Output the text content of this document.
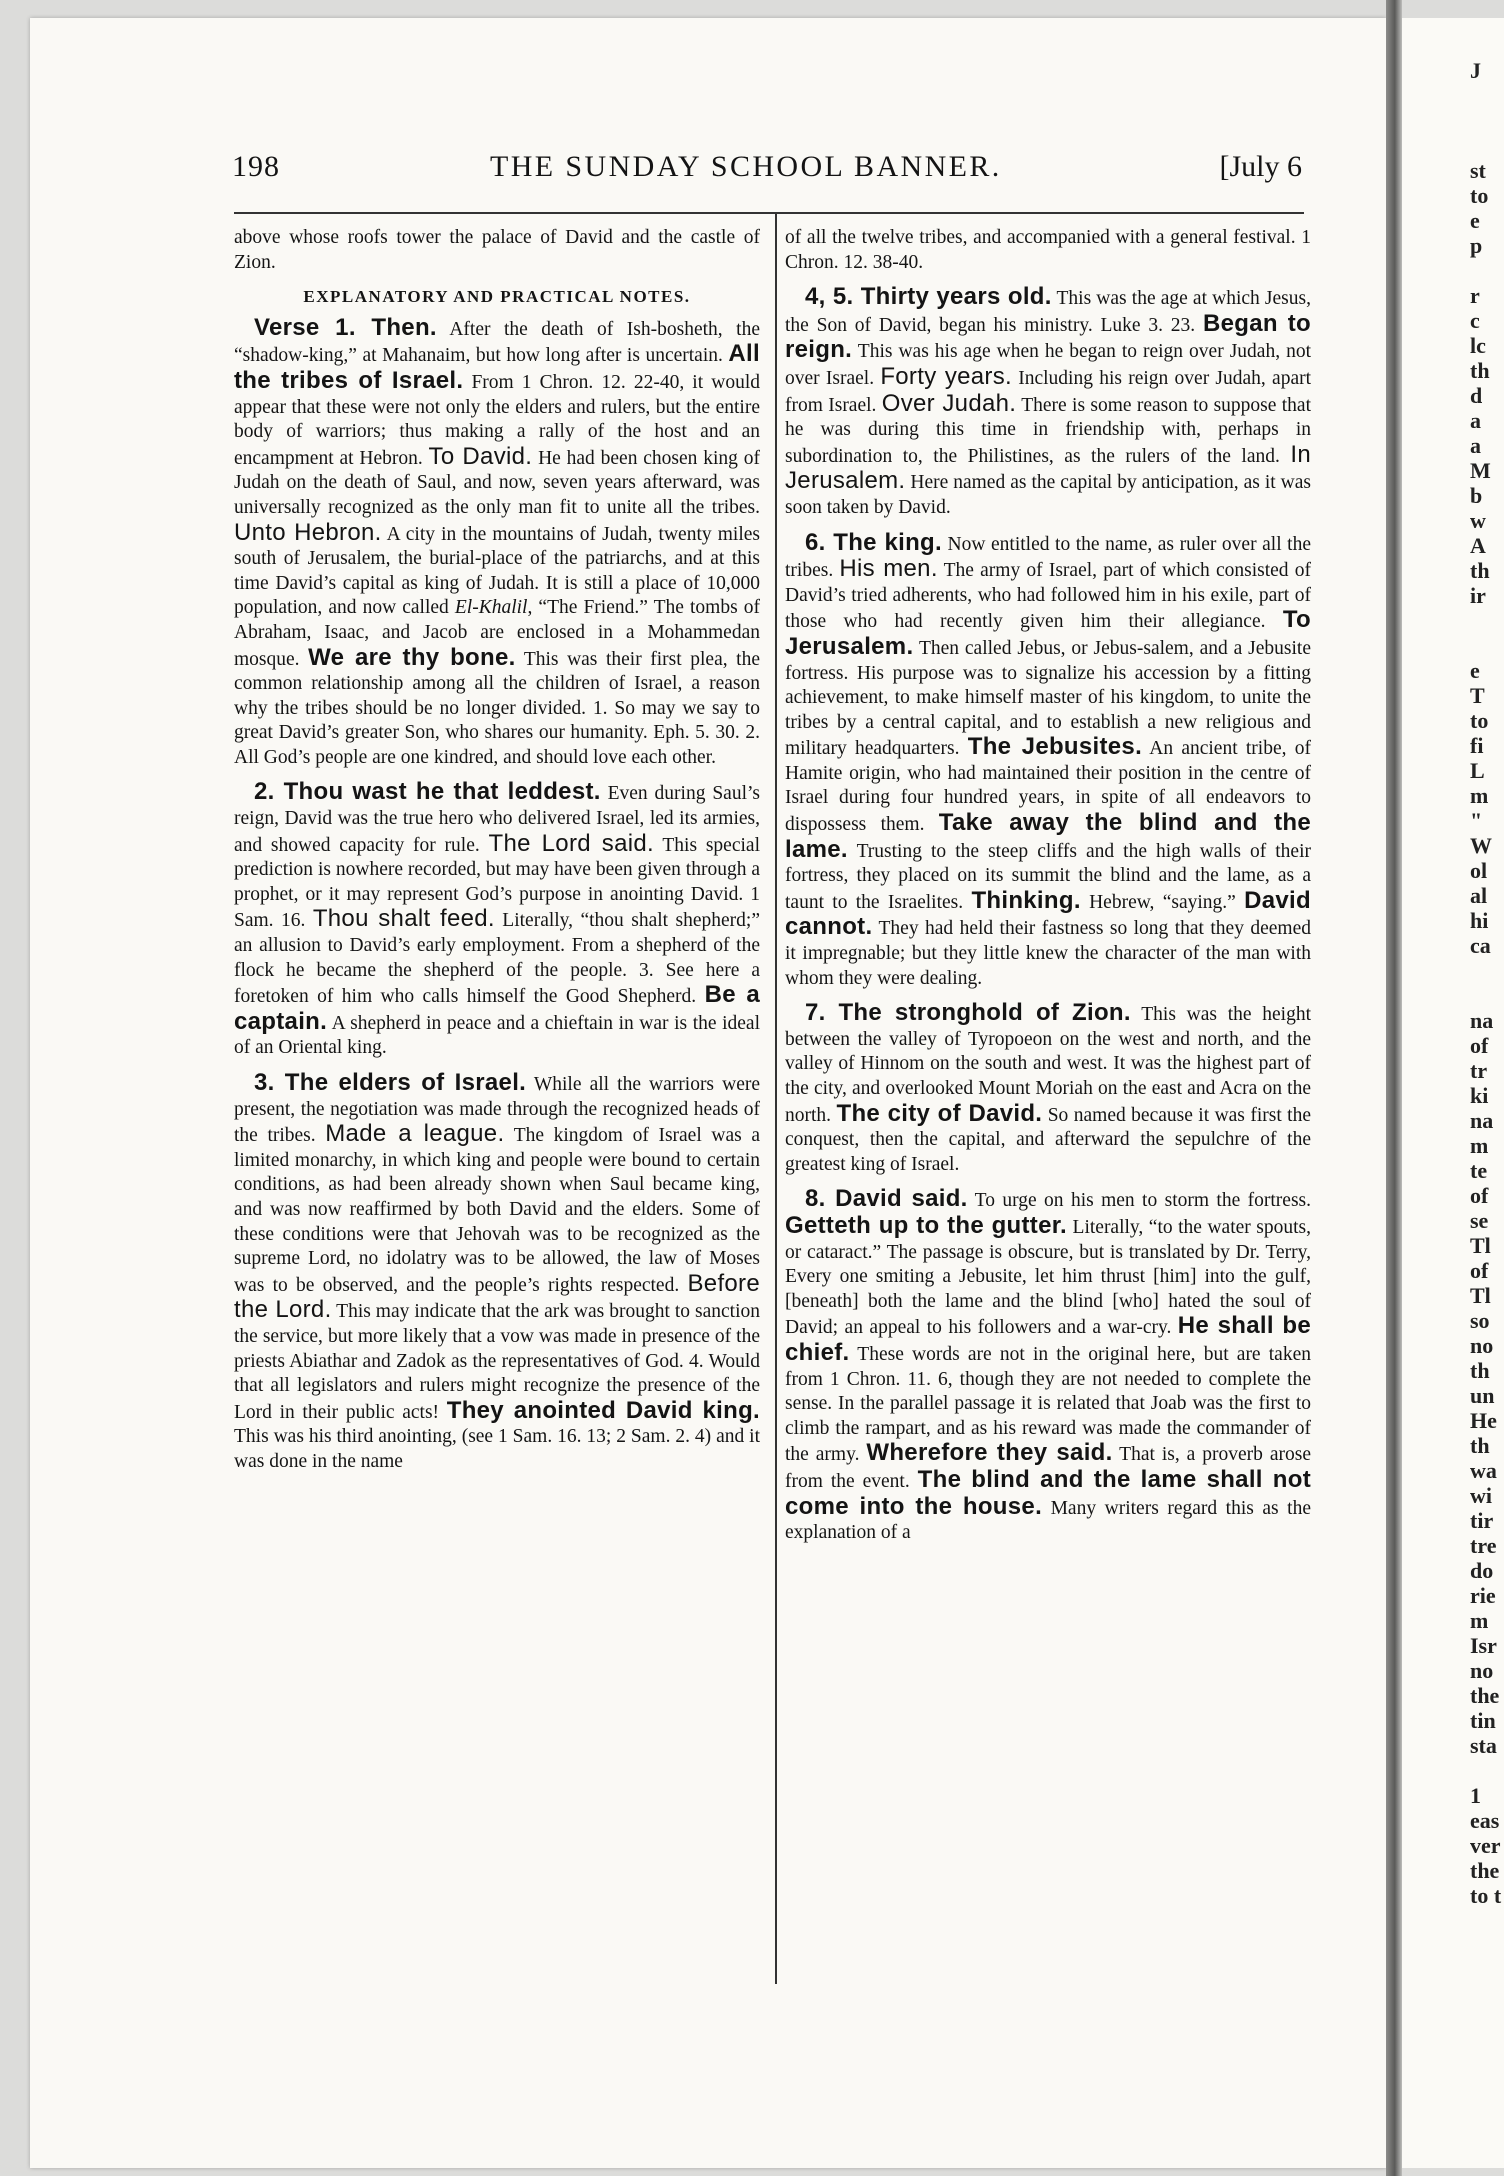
J

st
to
e
p

r
c
lc
th
d
a
a
M
b
w
A
th
ir

e
T
to
fi
L
m
"
W
ol
al
hi
ca

na
of
tr
ki
na
m
te
of
se
Tl
of
Tl
so
no
th
un
He
th
wa
wi
tir
tre
do
rie
m
Isr
no
the
tin
sta

1
eas
ver
the
to t
198	THE SUNDAY SCHOOL BANNER.	[July 6

above whose roofs tower the palace of David and the castle of Zion.

EXPLANATORY AND PRACTICAL NOTES.

Verse 1. Then. After the death of Ish-bosheth, the “shadow-king,” at Mahanaim, but how long after is uncertain. All the tribes of Israel. From 1 Chron. 12. 22-40, it would appear that these were not only the elders and rulers, but the entire body of warriors; thus making a rally of the host and an encampment at Hebron. To David. He had been chosen king of Judah on the death of Saul, and now, seven years afterward, was universally recognized as the only man fit to unite all the tribes. Unto Hebron. A city in the mountains of Judah, twenty miles south of Jerusalem, the burial-place of the patriarchs, and at this time David’s capital as king of Judah. It is still a place of 10,000 population, and now called El-Khalil, “The Friend.” The tombs of Abraham, Isaac, and Jacob are enclosed in a Mohammedan mosque. We are thy bone. This was their first plea, the common relationship among all the children of Israel, a reason why the tribes should be no longer divided. 1. So may we say to great David’s greater Son, who shares our humanity. Eph. 5. 30. 2. All God’s people are one kindred, and should love each other.

2. Thou wast he that leddest. Even during Saul’s reign, David was the true hero who delivered Israel, led its armies, and showed capacity for rule. The Lord said. This special prediction is nowhere recorded, but may have been given through a prophet, or it may represent God’s purpose in anointing David. 1 Sam. 16. Thou shalt feed. Literally, “thou shalt shepherd;” an allusion to David’s early employment. From a shepherd of the flock he became the shepherd of the people. 3. See here a foretoken of him who calls himself the Good Shepherd. Be a captain. A shepherd in peace and a chieftain in war is the ideal of an Oriental king.

3. The elders of Israel. While all the warriors were present, the negotiation was made through the recognized heads of the tribes. Made a league. The kingdom of Israel was a limited monarchy, in which king and people were bound to certain conditions, as had been already shown when Saul became king, and was now reaffirmed by both David and the elders. Some of these conditions were that Jehovah was to be recognized as the supreme Lord, no idolatry was to be allowed, the law of Moses was to be observed, and the people’s rights respected. Before the Lord. This may indicate that the ark was brought to sanction the service, but more likely that a vow was made in presence of the priests Abiathar and Zadok as the representatives of God. 4. Would that all legislators and rulers might recognize the presence of the Lord in their public acts! They anointed David king. This was his third anointing, (see 1 Sam. 16. 13; 2 Sam. 2. 4) and it was done in the name

of all the twelve tribes, and accompanied with a general festival. 1 Chron. 12. 38-40.

4, 5. Thirty years old. This was the age at which Jesus, the Son of David, began his ministry. Luke 3. 23. Began to reign. This was his age when he began to reign over Judah, not over Israel. Forty years. Including his reign over Judah, apart from Israel. Over Judah. There is some reason to suppose that he was during this time in friendship with, perhaps in subordination to, the Philistines, as the rulers of the land. In Jerusalem. Here named as the capital by anticipation, as it was soon taken by David.

6. The king. Now entitled to the name, as ruler over all the tribes. His men. The army of Israel, part of which consisted of David’s tried adherents, who had followed him in his exile, part of those who had recently given him their allegiance. To Jerusalem. Then called Jebus, or Jebus-salem, and a Jebusite fortress. His purpose was to signalize his accession by a fitting achievement, to make himself master of his kingdom, to unite the tribes by a central capital, and to establish a new religious and military headquarters. The Jebusites. An ancient tribe, of Hamite origin, who had maintained their position in the centre of Israel during four hundred years, in spite of all endeavors to dispossess them. Take away the blind and the lame. Trusting to the steep cliffs and the high walls of their fortress, they placed on its summit the blind and the lame, as a taunt to the Israelites. Thinking. Hebrew, “saying.” David cannot. They had held their fastness so long that they deemed it impregnable; but they little knew the character of the man with whom they were dealing.

7. The stronghold of Zion. This was the height between the valley of Tyropoeon on the west and north, and the valley of Hinnom on the south and west. It was the highest part of the city, and overlooked Mount Moriah on the east and Acra on the north. The city of David. So named because it was first the conquest, then the capital, and afterward the sepulchre of the greatest king of Israel.

8. David said. To urge on his men to storm the fortress. Getteth up to the gutter. Literally, “to the water spouts, or cataract.” The passage is obscure, but is translated by Dr. Terry, Every one smiting a Jebusite, let him thrust [him] into the gulf, [beneath] both the lame and the blind [who] hated the soul of David; an appeal to his followers and a war-cry. He shall be chief. These words are not in the original here, but are taken from 1 Chron. 11. 6, though they are not needed to complete the sense. In the parallel passage it is related that Joab was the first to climb the rampart, and as his reward was made the commander of the army. Wherefore they said. That is, a proverb arose from the event. The blind and the lame shall not come into the house. Many writers regard this as the explanation of a
